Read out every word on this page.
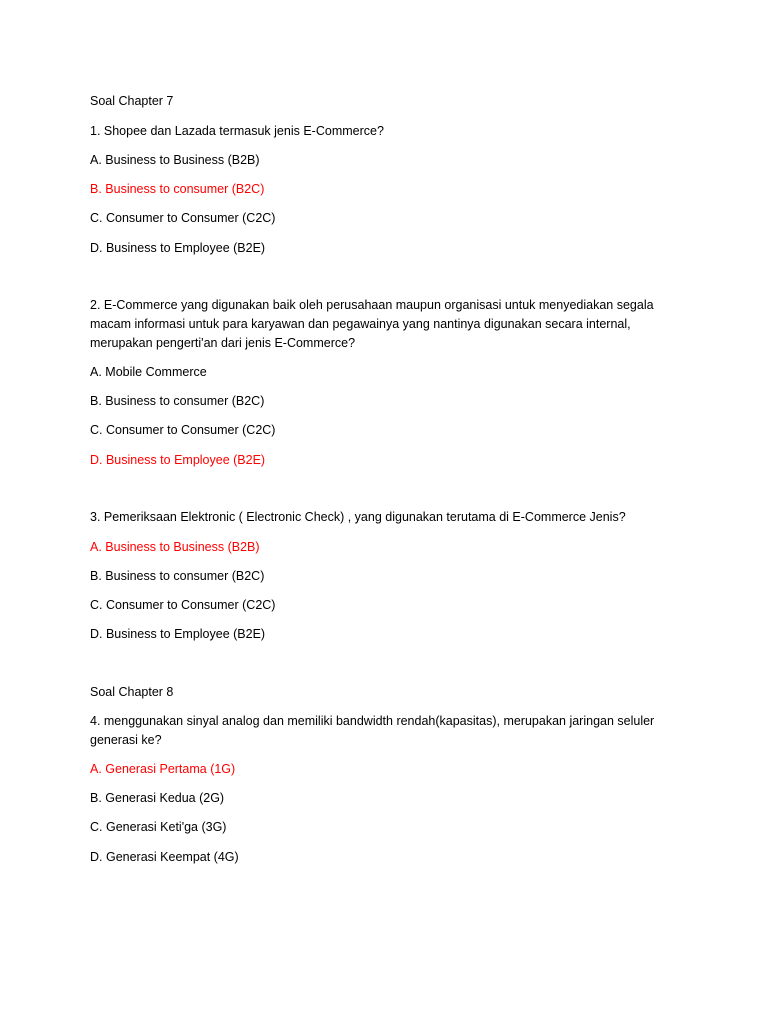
Soal Chapter 7
1. Shopee dan Lazada termasuk jenis E-Commerce?
A. Business to Business (B2B)
B. Business to consumer (B2C)
C. Consumer to Consumer (C2C)
D. Business to Employee (B2E)
2. E-Commerce yang digunakan baik oleh perusahaan maupun organisasi untuk menyediakan segala
macam informasi untuk para karyawan dan pegawainya yang nantinya digunakan secara internal,
merupakan pengerti'an dari jenis E-Commerce?
A. Mobile Commerce
B. Business to consumer (B2C)
C. Consumer to Consumer (C2C)
D. Business to Employee (B2E)
3. Pemeriksaan Elektronic ( Electronic Check) , yang digunakan terutama di E-Commerce Jenis?
A. Business to Business (B2B)
B. Business to consumer (B2C)
C. Consumer to Consumer (C2C)
D. Business to Employee (B2E)
Soal Chapter 8
4. menggunakan sinyal analog dan memiliki bandwidth rendah(kapasitas), merupakan jaringan seluler
generasi ke?
A. Generasi Pertama (1G)
B. Generasi Kedua (2G)
C. Generasi Keti'ga (3G)
D. Generasi Keempat (4G)
